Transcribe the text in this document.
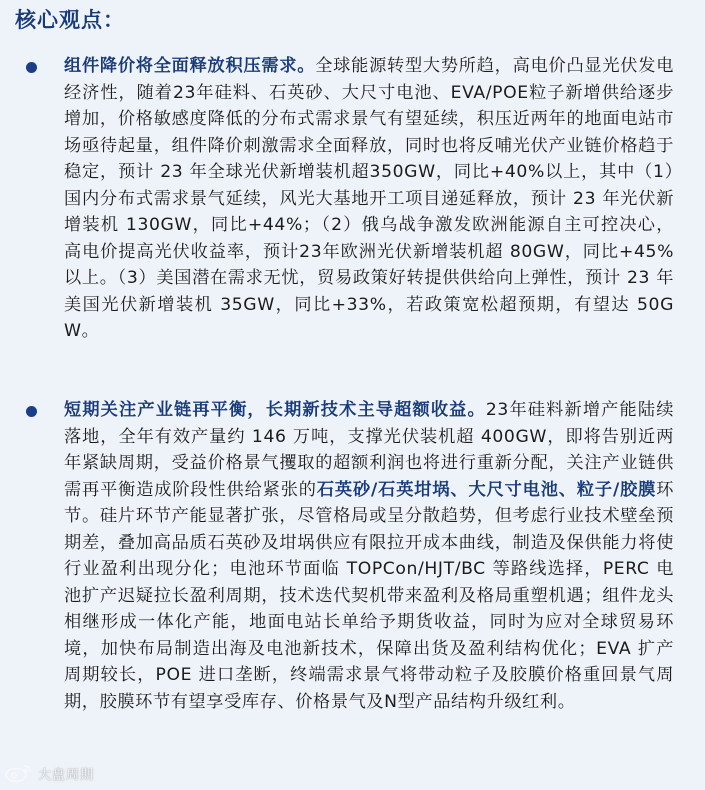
核心观点：
组件降价将全面释放积压需求。全球能源转型大势所趋，高电价凸显光伏发电经济性，随着23年硅料、石英砂、大尺寸电池、EVA/POE粒子新增供给逐步增加，价格敏感度降低的分布式需求景气有望延续，积压近两年的地面电站市场亟待起量，组件降价刺激需求全面释放，同时也将反哺光伏产业链价格趋于稳定，预计 23 年全球光伏新增装机超350GW，同比+40%以上，其中（1）国内分布式需求景气延续，风光大基地开工项目递延释放，预计 23 年光伏新增装机 130GW，同比+44%；（2）俄乌战争激发欧洲能源自主可控决心，高电价提高光伏收益率，预计23年欧洲光伏新增装机超 80GW，同比+45%以上。（3）美国潜在需求无忧，贸易政策好转提供供给向上弹性，预计 23 年美国光伏新增装机 35GW，同比+33%，若政策宽松超预期，有望达 50GW。
短期关注产业链再平衡，长期新技术主导超额收益。23年硅料新增产能陆续落地，全年有效产量约 146 万吨，支撑光伏装机超 400GW，即将告别近两年紧缺周期，受益价格景气攫取的超额利润也将进行重新分配，关注产业链供需再平衡造成阶段性供给紧张的石英砂/石英坩埚、大尺寸电池、粒子/胶膜环节。硅片环节产能显著扩张，尽管格局或呈分散趋势，但考虑行业技术壁垒预期差，叠加高品质石英砂及坩埚供应有限拉开成本曲线，制造及保供能力将使行业盈利出现分化；电池环节面临 TOPCon/HJT/BC 等路线选择，PERC 电池扩产迟疑拉长盈利周期，技术迭代契机带来盈利及格局重塑机遇；组件龙头相继形成一体化产能，地面电站长单给予期货收益，同时为应对全球贸易环境，加快布局制造出海及电池新技术，保障出货及盈利结构优化；EVA 扩产周期较长，POE 进口垄断，终端需求景气将带动粒子及胶膜价格重回景气周期，胶膜环节有望享受库存、价格景气及N型产品结构升级红利。
大盘周期
